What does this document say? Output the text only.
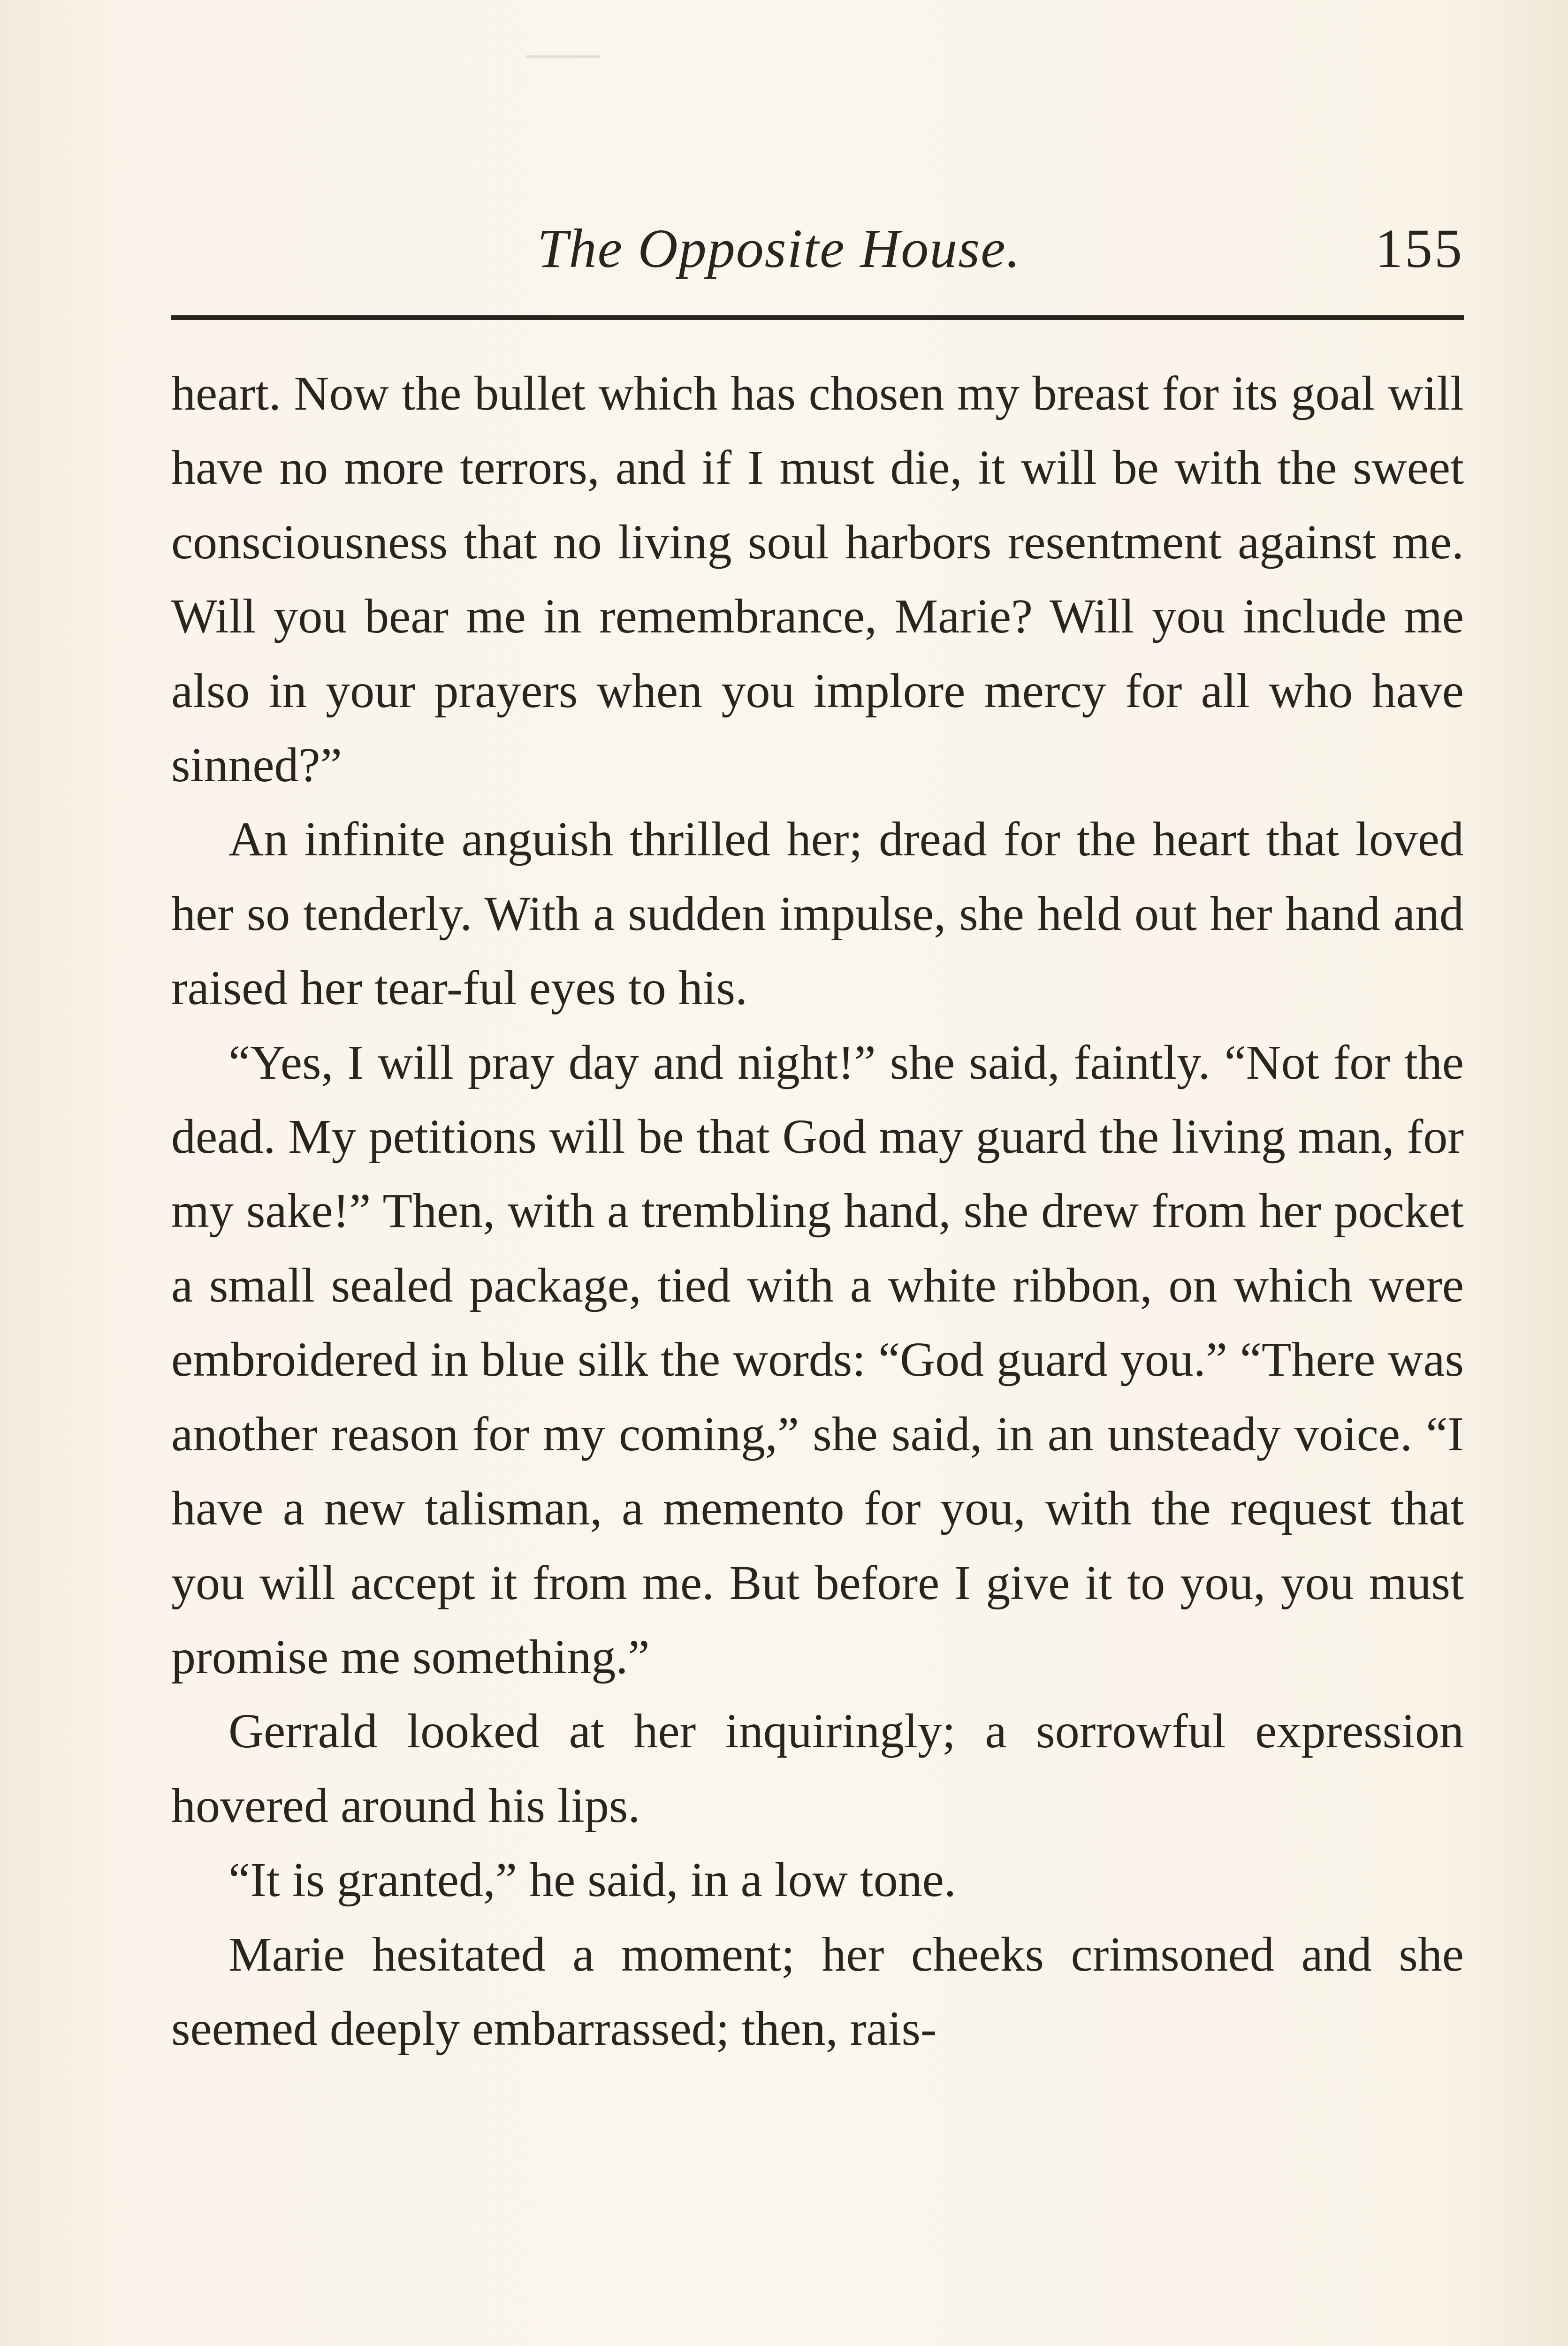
The Opposite House.	155

heart. Now the bullet which has chosen my breast for its goal will have no more terrors, and if I must die, it will be with the sweet consciousness that no living soul harbors resentment against me. Will you bear me in remembrance, Marie? Will you include me also in your prayers when you implore mercy for all who have sinned?”

An infinite anguish thrilled her; dread for the heart that loved her so tenderly. With a sudden impulse, she held out her hand and raised her tear-ful eyes to his.

“Yes, I will pray day and night!” she said, faintly. “Not for the dead. My petitions will be that God may guard the living man, for my sake!” Then, with a trembling hand, she drew from her pocket a small sealed package, tied with a white ribbon, on which were embroidered in blue silk the words: “God guard you.” “There was another reason for my coming,” she said, in an unsteady voice. “I have a new talisman, a memento for you, with the request that you will accept it from me. But before I give it to you, you must promise me something.”

Gerrald looked at her inquiringly; a sorrowful expression hovered around his lips.

“It is granted,” he said, in a low tone.

Marie hesitated a moment; her cheeks crimsoned and she seemed deeply embarrassed; then, rais-
